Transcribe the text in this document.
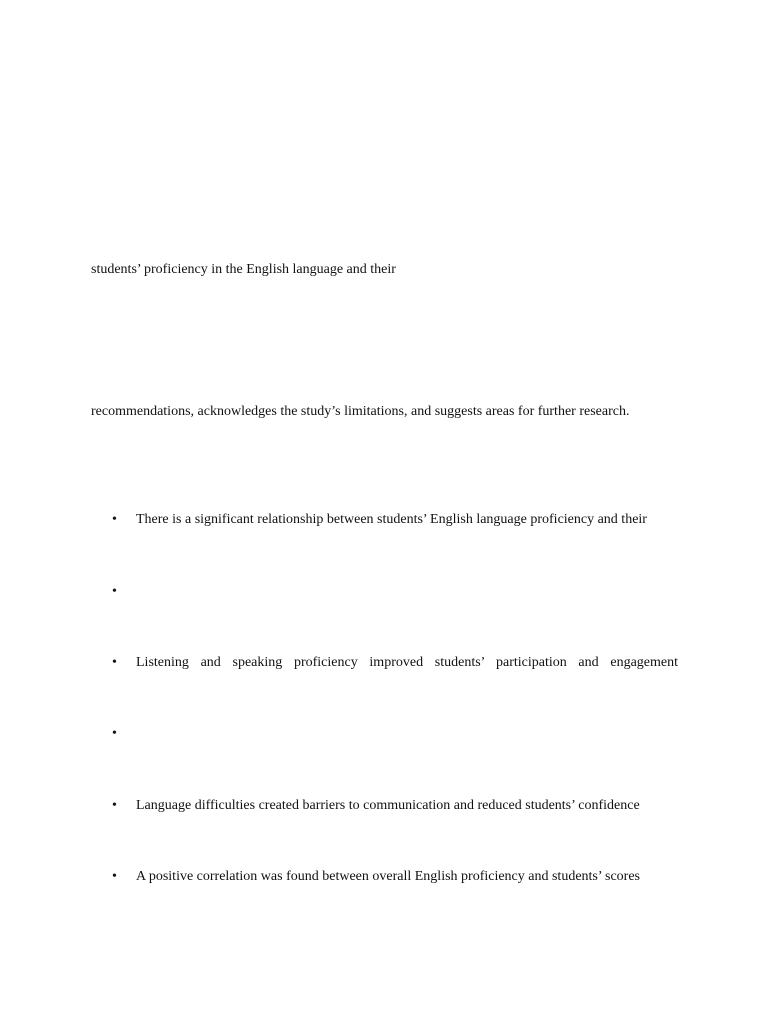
students’ proficiency in the English language and their
recommendations, acknowledges the study’s limitations, and suggests areas for further research.
•	There is a significant relationship between students’ English language proficiency and their
•
•	Listening and speaking proficiency improved students’ participation and engagement
•
•	Language difficulties created barriers to communication and reduced students’ confidence
•	A positive correlation was found between overall English proficiency and students’ scores
